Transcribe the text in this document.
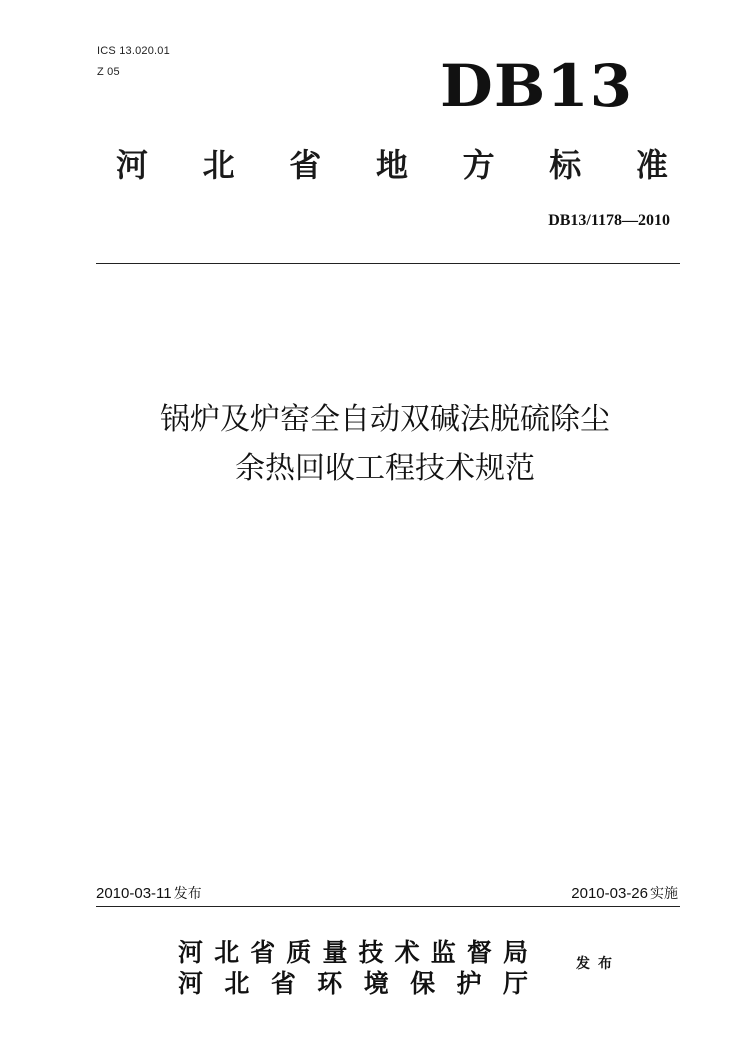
ICS 13.020.01
Z 05	DB13
河 北 省 地 方 标 准
DB13/1178—2010
锅炉及炉窑全自动双碱法脱硫除尘
余热回收工程技术规范
2010-03-11 发布	2010-03-26 实施
河 北 省 质 量 技 术 监 督 局
河 北 省 环 境 保 护 厅
发布
